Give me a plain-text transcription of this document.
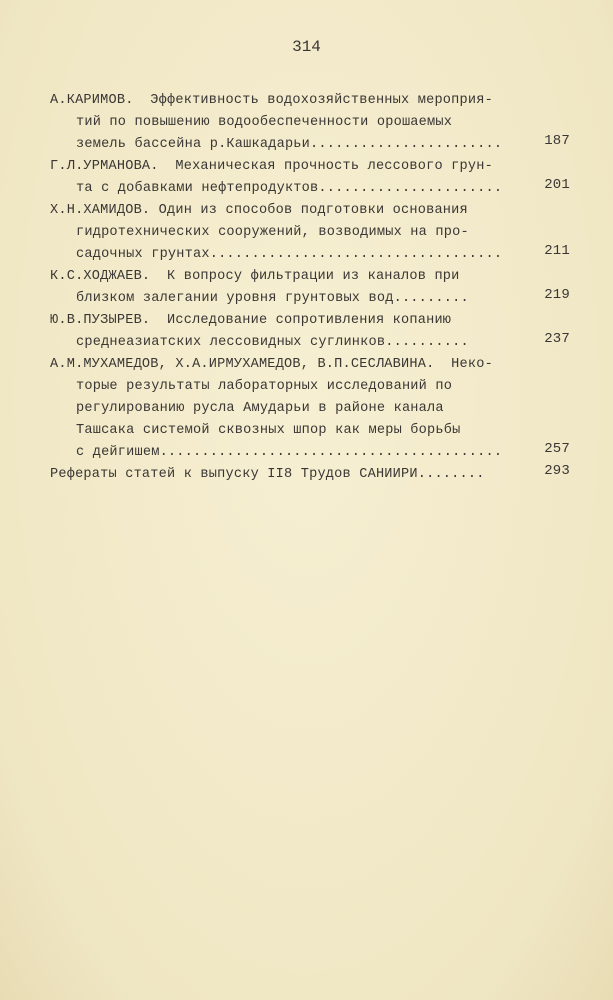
314
А.КАРИМОВ.  Эффективность водохозяйственных мероприя-
тий по повышению водообеспеченности орошаемых
земель бассейна р.Кашкадарьи.......................	187
Г.Л.УРМАНОВА.  Механическая прочность лессового грун-
та с добавками нефтепродуктов......................	201
Х.Н.ХАМИДОВ. Один из способов подготовки основания
гидротехнических сооружений, возводимых на про-
садочных грунтах...................................	211
К.С.ХОДЖАЕВ.  К вопросу фильтрации из каналов при
близком залегании уровня грунтовых вод.........	219
Ю.В.ПУЗЫРЕВ.  Исследование сопротивления копанию
среднеазиатских лессовидных суглинков..........	237
А.М.МУХАМЕДОВ, Х.А.ИРМУХАМЕДОВ, В.П.СЕСЛАВИНА.  Неко-
торые результаты лабораторных исследований по
регулированию русла Амударьи в районе канала
Ташсака системой сквозных шпор как меры борьбы
с дейгишем.........................................	257
Рефераты статей к выпуску II8 Трудов САНИИРИ........	293
